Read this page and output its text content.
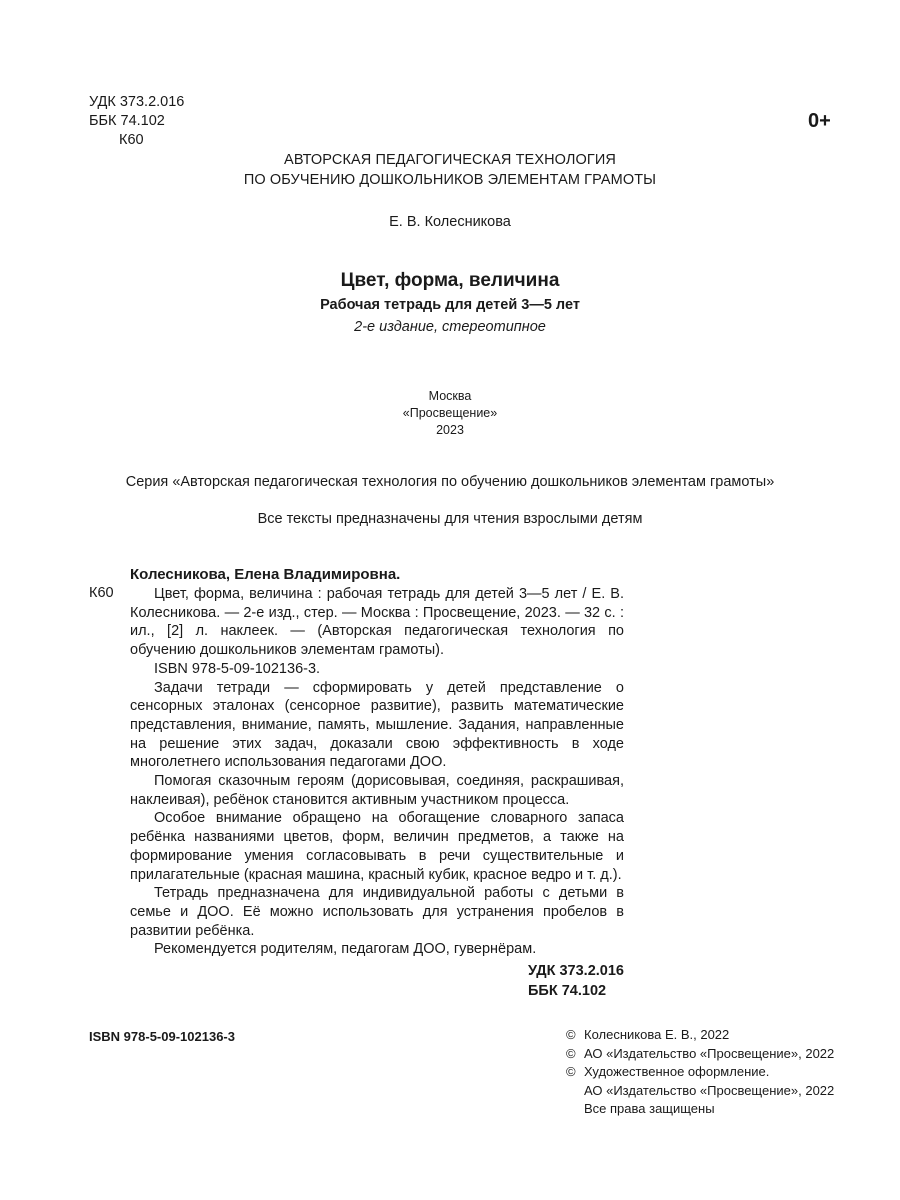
УДК 373.2.016
ББК 74.102
К60
0+
АВТОРСКАЯ ПЕДАГОГИЧЕСКАЯ ТЕХНОЛОГИЯ
ПО ОБУЧЕНИЮ ДОШКОЛЬНИКОВ ЭЛЕМЕНТАМ ГРАМОТЫ
Е. В. Колесникова
Цвет, форма, величина
Рабочая тетрадь для детей 3—5 лет
2-е издание, стереотипное
Москва
«Просвещение»
2023
Серия «Авторская педагогическая технология по обучению дошкольников элементам грамоты»
Все тексты предназначены для чтения взрослыми детям
К60
Колесникова, Елена Владимировна.

Цвет, форма, величина : рабочая тетрадь для детей 3—5 лет / Е. В. Колесникова. — 2-е изд., стер. — Москва : Просвещение, 2023. — 32 с. : ил., [2] л. наклеек. — (Авторская педагогическая технология по обучению дошкольников элементам грамоты).

ISBN 978-5-09-102136-3.

Задачи тетради — сформировать у детей представление о сенсорных эталонах (сенсорное развитие), развить математические представления, внимание, память, мышление. Задания, направленные на решение этих задач, доказали свою эффективность в ходе многолетнего использования педагогами ДОО.

Помогая сказочным героям (дорисовывая, соединяя, раскрашивая, наклеивая), ребёнок становится активным участником процесса.

Особое внимание обращено на обогащение словарного запаса ребёнка названиями цветов, форм, величин предметов, а также на формирование умения согласовывать в речи существительные и прилагательные (красная машина, красный кубик, красное ведро и т. д.).

Тетрадь предназначена для индивидуальной работы с детьми в семье и ДОО. Её можно использовать для устранения пробелов в развитии ребёнка.

Рекомендуется родителям, педагогам ДОО, гувернёрам.

УДК 373.2.016
ББК 74.102
ISBN 978-5-09-102136-3	© Колесникова Е. В., 2022
© АО «Издательство «Просвещение», 2022
© Художественное оформление.
АО «Издательство «Просвещение», 2022
Все права защищены
